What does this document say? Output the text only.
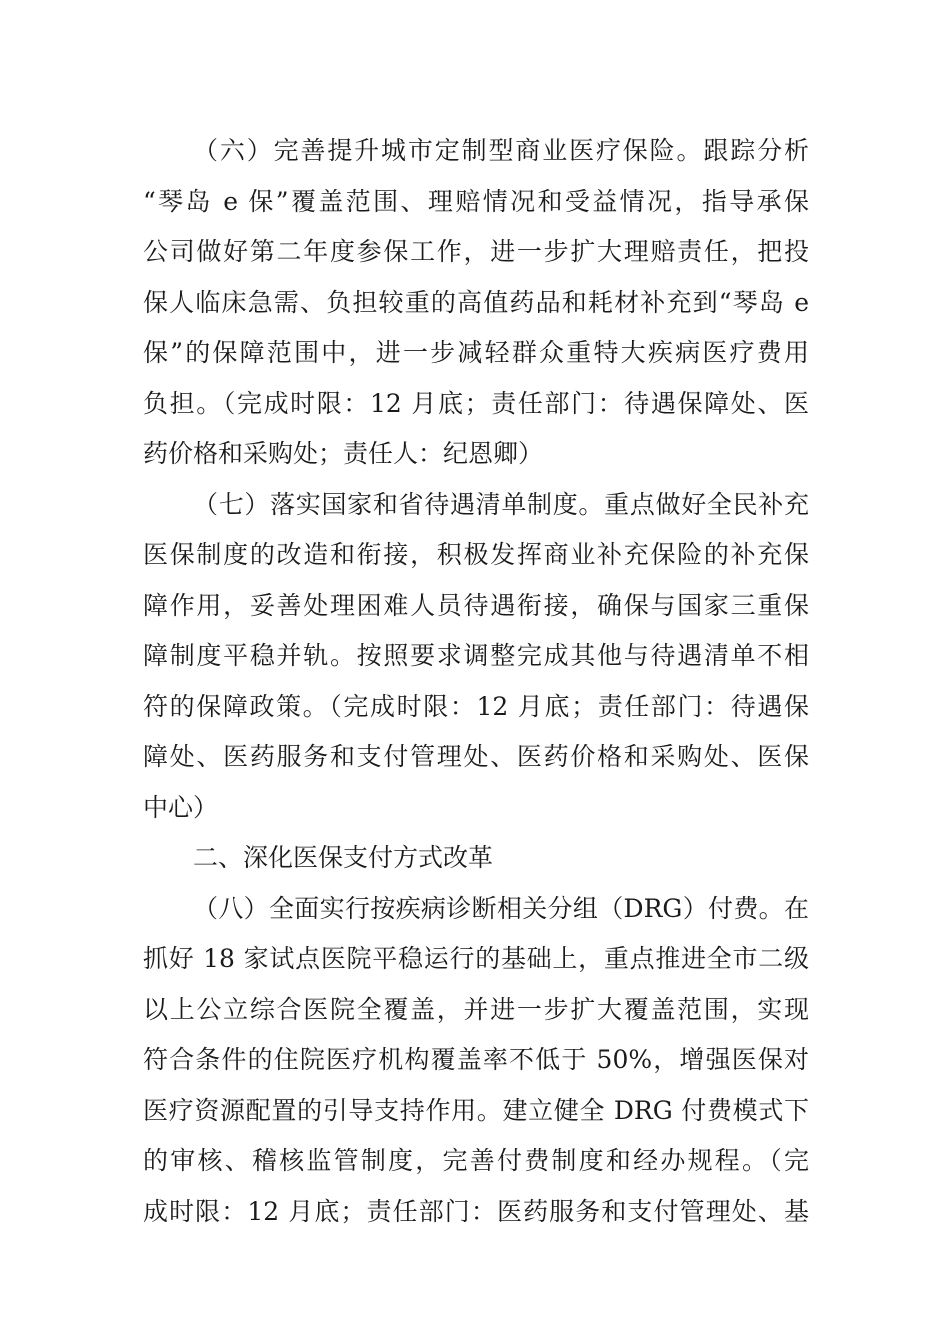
（六）完善提升城市定制型商业医疗保险。跟踪分析
“琴岛 e 保”覆盖范围、理赔情况和受益情况，指导承保
公司做好第二年度参保工作，进一步扩大理赔责任，把投
保人临床急需、负担较重的高值药品和耗材补充到“琴岛 e
保”的保障范围中，进一步减轻群众重特大疾病医疗费用
负担。（完成时限：12 月底；责任部门：待遇保障处、医
药价格和采购处；责任人：纪恩卿）
（七）落实国家和省待遇清单制度。重点做好全民补充
医保制度的改造和衔接，积极发挥商业补充保险的补充保
障作用，妥善处理困难人员待遇衔接，确保与国家三重保
障制度平稳并轨。按照要求调整完成其他与待遇清单不相
符的保障政策。（完成时限：12 月底；责任部门：待遇保
障处、医药服务和支付管理处、医药价格和采购处、医保
中心）
二、深化医保支付方式改革
（八）全面实行按疾病诊断相关分组（DRG）付费。在
抓好 18 家试点医院平稳运行的基础上，重点推进全市二级
以上公立综合医院全覆盖，并进一步扩大覆盖范围，实现
符合条件的住院医疗机构覆盖率不低于 50%，增强医保对
医疗资源配置的引导支持作用。建立健全 DRG 付费模式下
的审核、稽核监管制度，完善付费制度和经办规程。（完
成时限：12 月底；责任部门：医药服务和支付管理处、基
